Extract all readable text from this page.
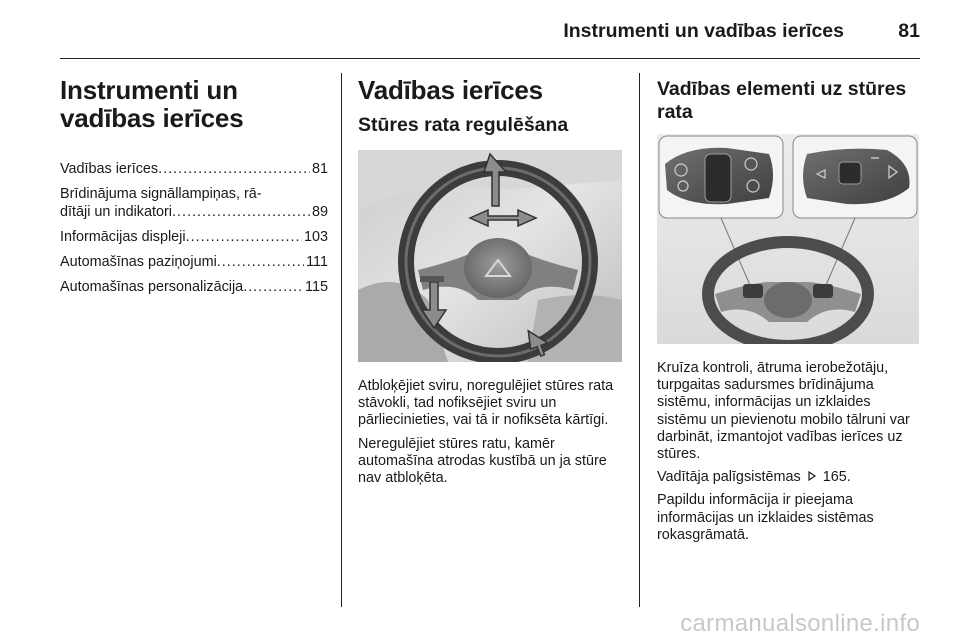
Instrumenti un vadības ierīces	81
Instrumenti un
vadības ierīces
Vadības ierīces .....	81
Brīdinājuma signāllampiņas, rā-
dītāji un indikatori .....	89
Informācijas displeji .....	103
Automašīnas paziņojumi .....	111
Automašīnas personalizācija .....	115
Vadības ierīces
Stūres rata regulēšana

Atbloķējiet sviru, noregulējiet stūres rata stāvokli, tad nofiksējiet sviru un pārliecinieties, vai tā ir nofiksēta kārtīgi.

Neregulējiet stūres ratu, kamēr automašīna atrodas kustībā un ja stūre nav atbloķēta.

Vadības elementi uz stūres
rata

Kruīza kontroli, ātruma ierobežotāju, turpgaitas sadursmes brīdinājuma sistēmu, informācijas un izklaides sistēmu un pievienotu mobilo tālruni var darbināt, izmantojot vadības ierīces uz stūres.

Vadītāja palīgsistēmas 165.

Papildu informācija ir pieejama informācijas un izklaides sistēmas rokasgrāmatā.

carmanualsonline.info
